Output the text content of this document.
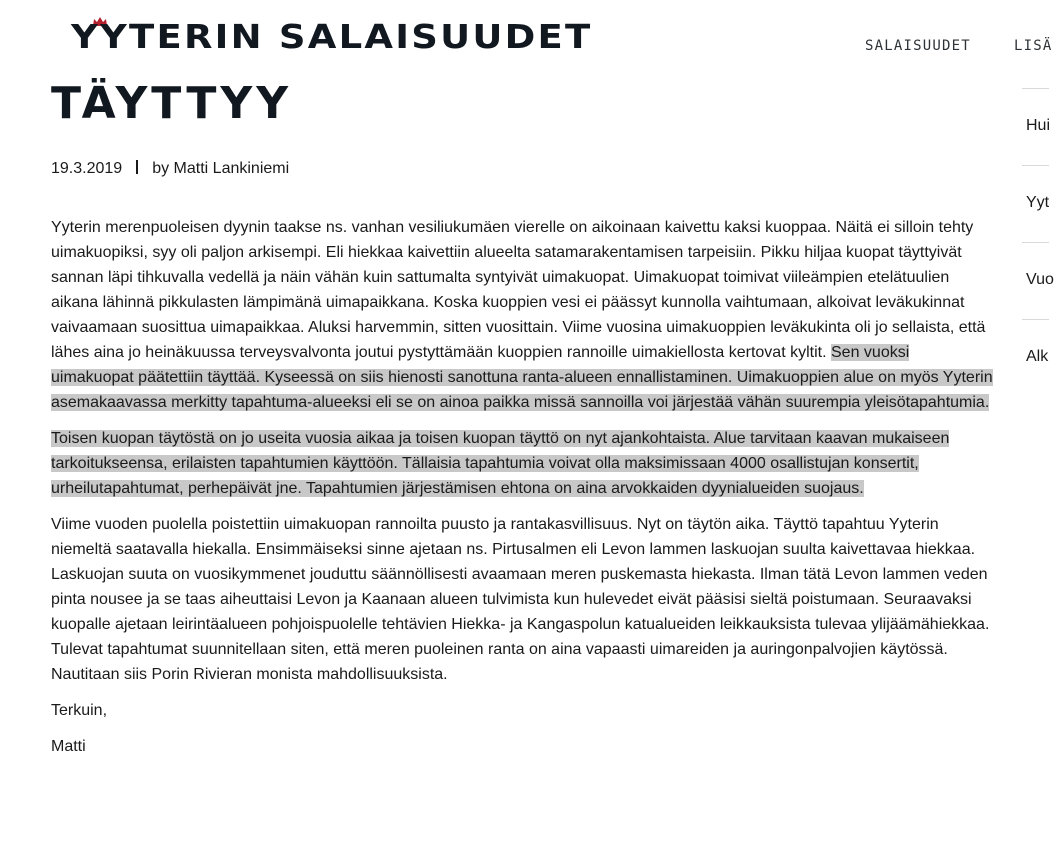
YYTERIN SALAISUUDET	SALAISUUDET	LISÄ
TÄYTTYY
19.3.2019 by Matti Lankiniemi

Yyterin merenpuoleisen dyynin taakse ns. vanhan vesiliukumäen vierelle on aikoinaan kaivettu kaksi kuoppaa. Näitä ei silloin tehty uimakuopiksi, syy oli paljon arkisempi. Eli hiekkaa kaivettiin alueelta satamarakentamisen tarpeisiin. Pikku hiljaa kuopat täyttyivät sannan läpi tihkuvalla vedellä ja näin vähän kuin sattumalta syntyivät uimakuopat. Uimakuopat toimivat viileämpien etelätuulien aikana lähinnä pikkulasten lämpimänä uimapaikkana. Koska kuoppien vesi ei päässyt kunnolla vaihtumaan, alkoivat leväkukinnat vaivaamaan suosittua uimapaikkaa. Aluksi harvemmin, sitten vuosittain. Viime vuosina uimakuoppien leväkukinta oli jo sellaista, että lähes aina jo heinäkuussa terveysvalvonta joutui pystyttämään kuoppien rannoille uimakiellosta kertovat kyltit. Sen vuoksi uimakuopat päätettiin täyttää. Kyseessä on siis hienosti sanottuna ranta-alueen ennallistaminen. Uimakuoppien alue on myös Yyterin asemakaavassa merkitty tapahtuma-alueeksi eli se on ainoa paikka missä sannoilla voi järjestää vähän suurempia yleisötapahtumia.

Toisen kuopan täytöstä on jo useita vuosia aikaa ja toisen kuopan täyttö on nyt ajankohtaista. Alue tarvitaan kaavan mukaiseen tarkoitukseensa, erilaisten tapahtumien käyttöön. Tällaisia tapahtumia voivat olla maksimissaan 4000 osallistujan konsertit, urheilutapahtumat, perhepäivät jne. Tapahtumien järjestämisen ehtona on aina arvokkaiden dyynialueiden suojaus.

Viime vuoden puolella poistettiin uimakuopan rannoilta puusto ja rantakasvillisuus. Nyt on täytön aika. Täyttö tapahtuu Yyterin niemeltä saatavalla hiekalla. Ensimmäiseksi sinne ajetaan ns. Pirtusalmen eli Levon lammen laskuojan suulta kaivettavaa hiekkaa. Laskuojan suuta on vuosikymmenet jouduttu säännöllisesti avaamaan meren puskemasta hiekasta. Ilman tätä Levon lammen veden pinta nousee ja se taas aiheuttaisi Levon ja Kaanaan alueen tulvimista kun hulevedet eivät pääsisi sieltä poistumaan. Seuraavaksi kuopalle ajetaan leirintäalueen pohjoispuolelle tehtävien Hiekka- ja Kangaspolun katualueiden leikkauksista tulevaa ylijäämähiekkaa. Tulevat tapahtumat suunnitellaan siten, että meren puoleinen ranta on aina vapaasti uimareiden ja auringonpalvojien käytössä. Nautitaan siis Porin Rivieran monista mahdollisuuksista.

Terkuin,

Matti

Hui
Yyt
Vuo
Alk
